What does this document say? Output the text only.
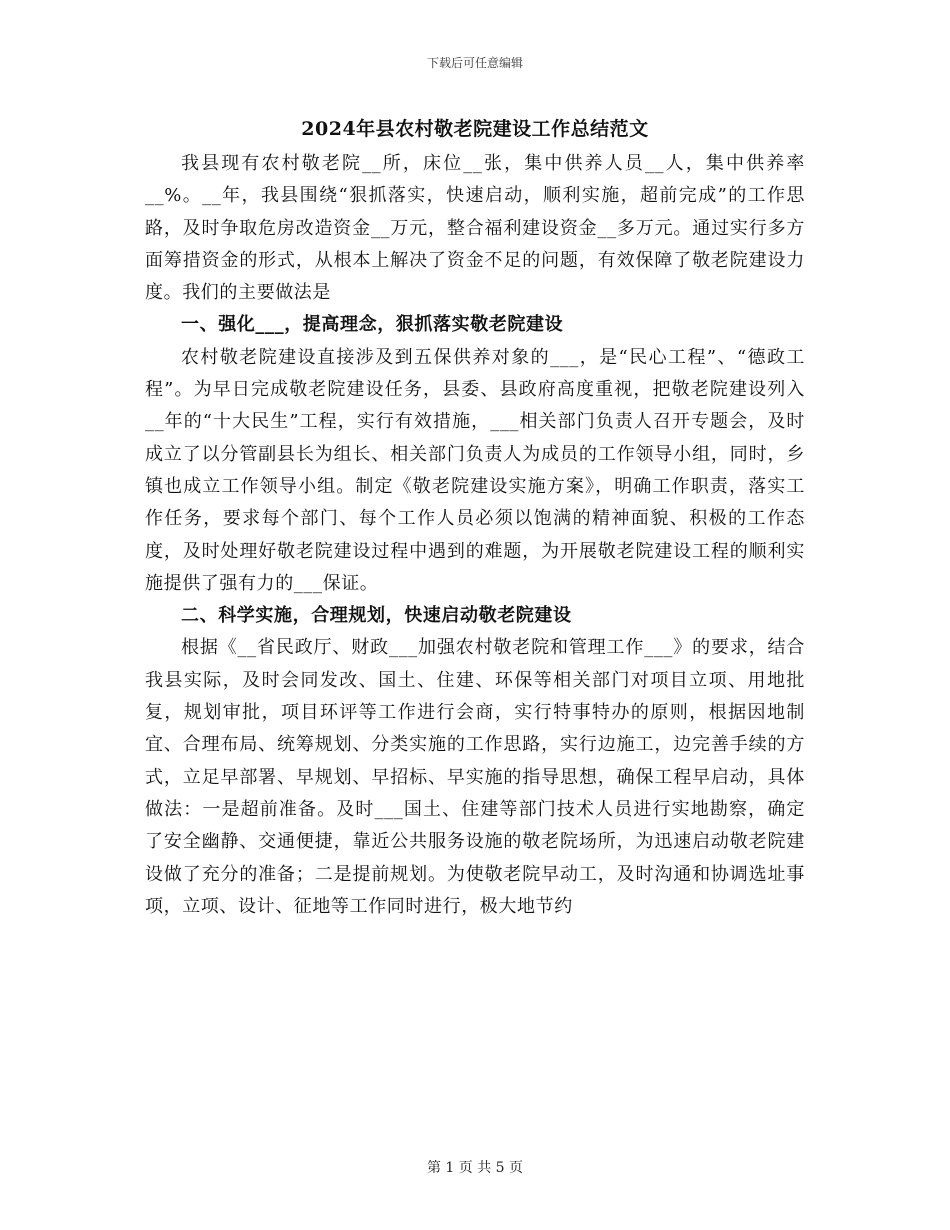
下载后可任意编辑
2024年县农村敬老院建设工作总结范文

我县现有农村敬老院__所，床位__张，集中供养人员__人，集中供养率__%。__年，我县围绕“狠抓落实，快速启动，顺利实施，超前完成”的工作思路，及时争取危房改造资金__万元，整合福利建设资金__多万元。通过实行多方面筹措资金的形式，从根本上解决了资金不足的问题，有效保障了敬老院建设力度。我们的主要做法是

一、强化___，提高理念，狠抓落实敬老院建设

农村敬老院建设直接涉及到五保供养对象的___，是“民心工程”、“德政工程”。为早日完成敬老院建设任务，县委、县政府高度重视，把敬老院建设列入__年的“十大民生”工程，实行有效措施，___相关部门负责人召开专题会，及时成立了以分管副县长为组长、相关部门负责人为成员的工作领导小组，同时，乡镇也成立工作领导小组。制定《敬老院建设实施方案》，明确工作职责，落实工作任务，要求每个部门、每个工作人员必须以饱满的精神面貌、积极的工作态度，及时处理好敬老院建设过程中遇到的难题，为开展敬老院建设工程的顺利实施提供了强有力的___保证。

二、科学实施，合理规划，快速启动敬老院建设

根据《__省民政厅、财政___加强农村敬老院和管理工作___》的要求，结合我县实际，及时会同发改、国土、住建、环保等相关部门对项目立项、用地批复，规划审批，项目环评等工作进行会商，实行特事特办的原则，根据因地制宜、合理布局、统筹规划、分类实施的工作思路，实行边施工，边完善手续的方式，立足早部署、早规划、早招标、早实施的指导思想，确保工程早启动，具体做法：一是超前准备。及时___国土、住建等部门技术人员进行实地勘察，确定了安全幽静、交通便捷，靠近公共服务设施的敬老院场所，为迅速启动敬老院建设做了充分的准备；二是提前规划。为使敬老院早动工，及时沟通和协调选址事项，立项、设计、征地等工作同时进行，极大地节约

第 1 页 共 5 页
